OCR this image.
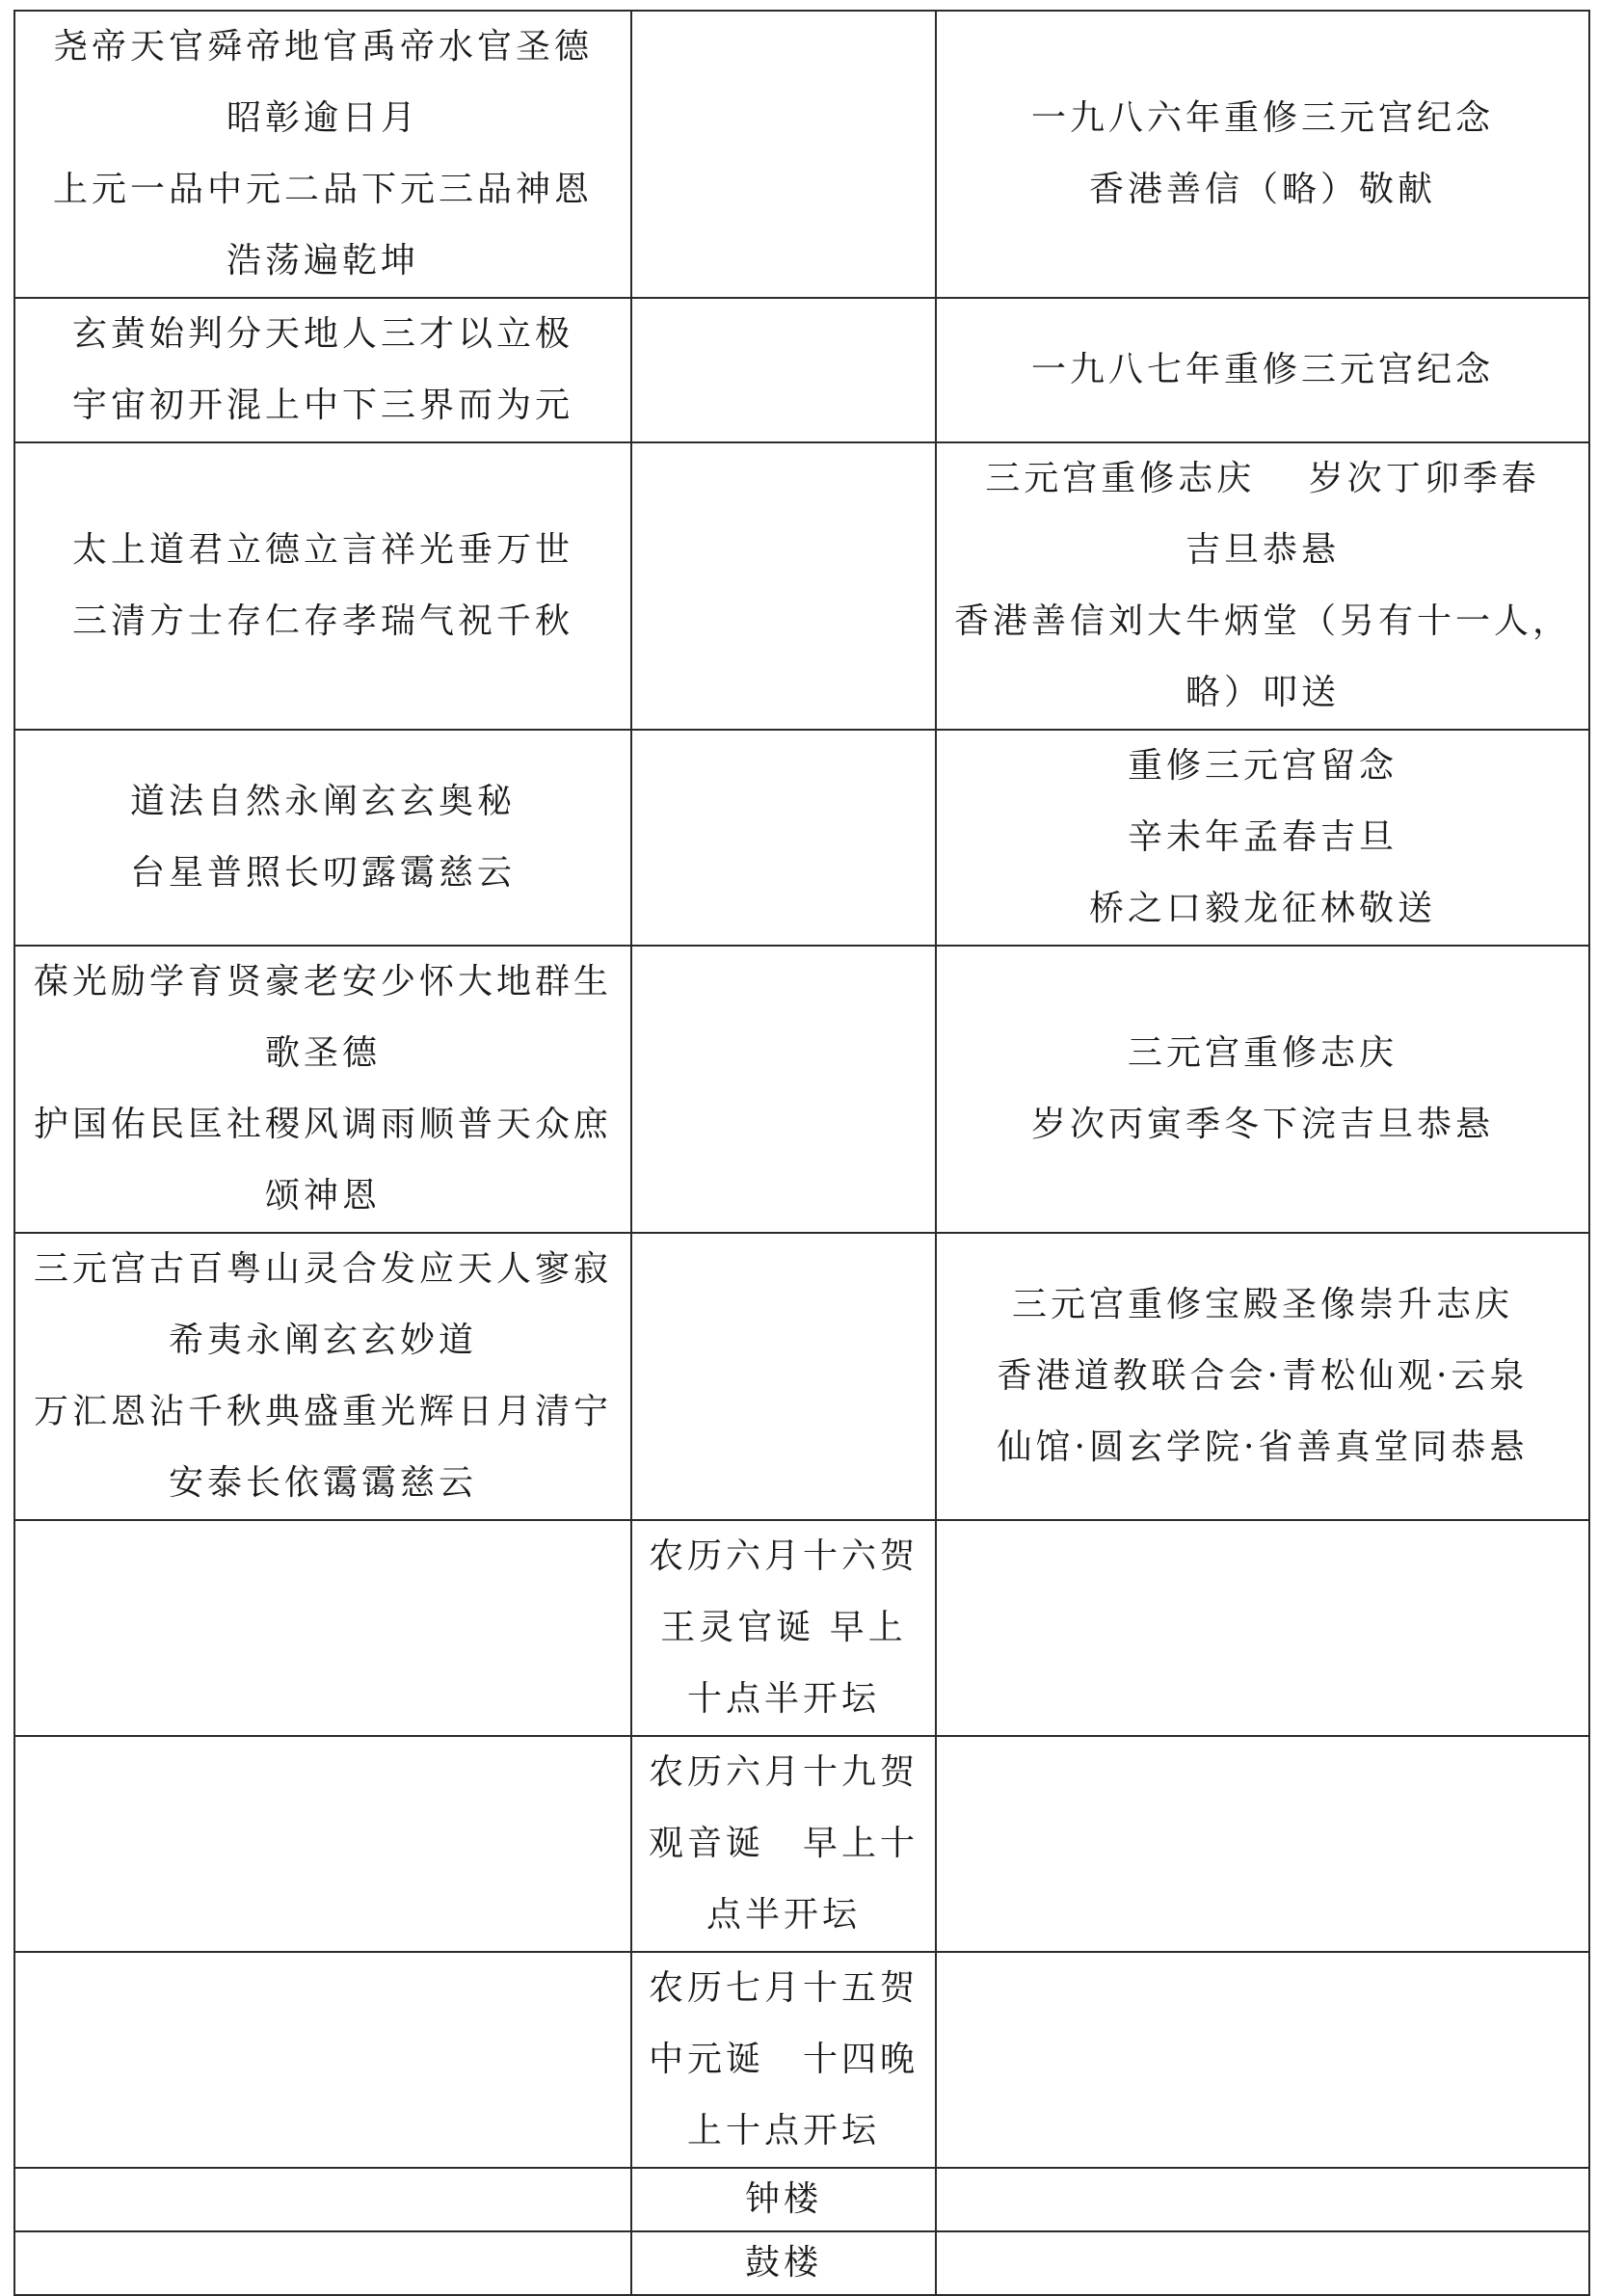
尧帝天官舜帝地官禹帝水官圣德
昭彰逾日月
上元一品中元二品下元三品神恩
浩荡遍乾坤		一九八六年重修三元宫纪念
香港善信（略）敬献

玄黄始判分天地人三才以立极
宇宙初开混上中下三界而为元		一九八七年重修三元宫纪念

太上道君立德立言祥光垂万世
三清方士存仁存孝瑞气祝千秋		三元宫重修志庆　 岁次丁卯季春
吉旦恭悬
香港善信刘大牛炳堂（另有十一人，
略）叩送

道法自然永阐玄玄奥秘
台星普照长叨露霭慈云		重修三元宫留念
辛未年孟春吉旦
桥之口毅龙征林敬送

葆光励学育贤豪老安少怀大地群生
歌圣德
护国佑民匡社稷风调雨顺普天众庶
颂神恩		三元宫重修志庆
岁次丙寅季冬下浣吉旦恭悬

三元宫古百粤山灵合发应天人寥寂
希夷永阐玄玄妙道
万汇恩沾千秋典盛重光辉日月清宁
安泰长依霭霭慈云		三元宫重修宝殿圣像崇升志庆
香港道教联合会·青松仙观·云泉
仙馆·圆玄学院·省善真堂同恭悬

	农历六月十六贺
王灵官诞 早上
十点半开坛	

	农历六月十九贺
观音诞　早上十
点半开坛	

	农历七月十五贺
中元诞　十四晚
上十点开坛	

	钟楼	

	鼓楼	
